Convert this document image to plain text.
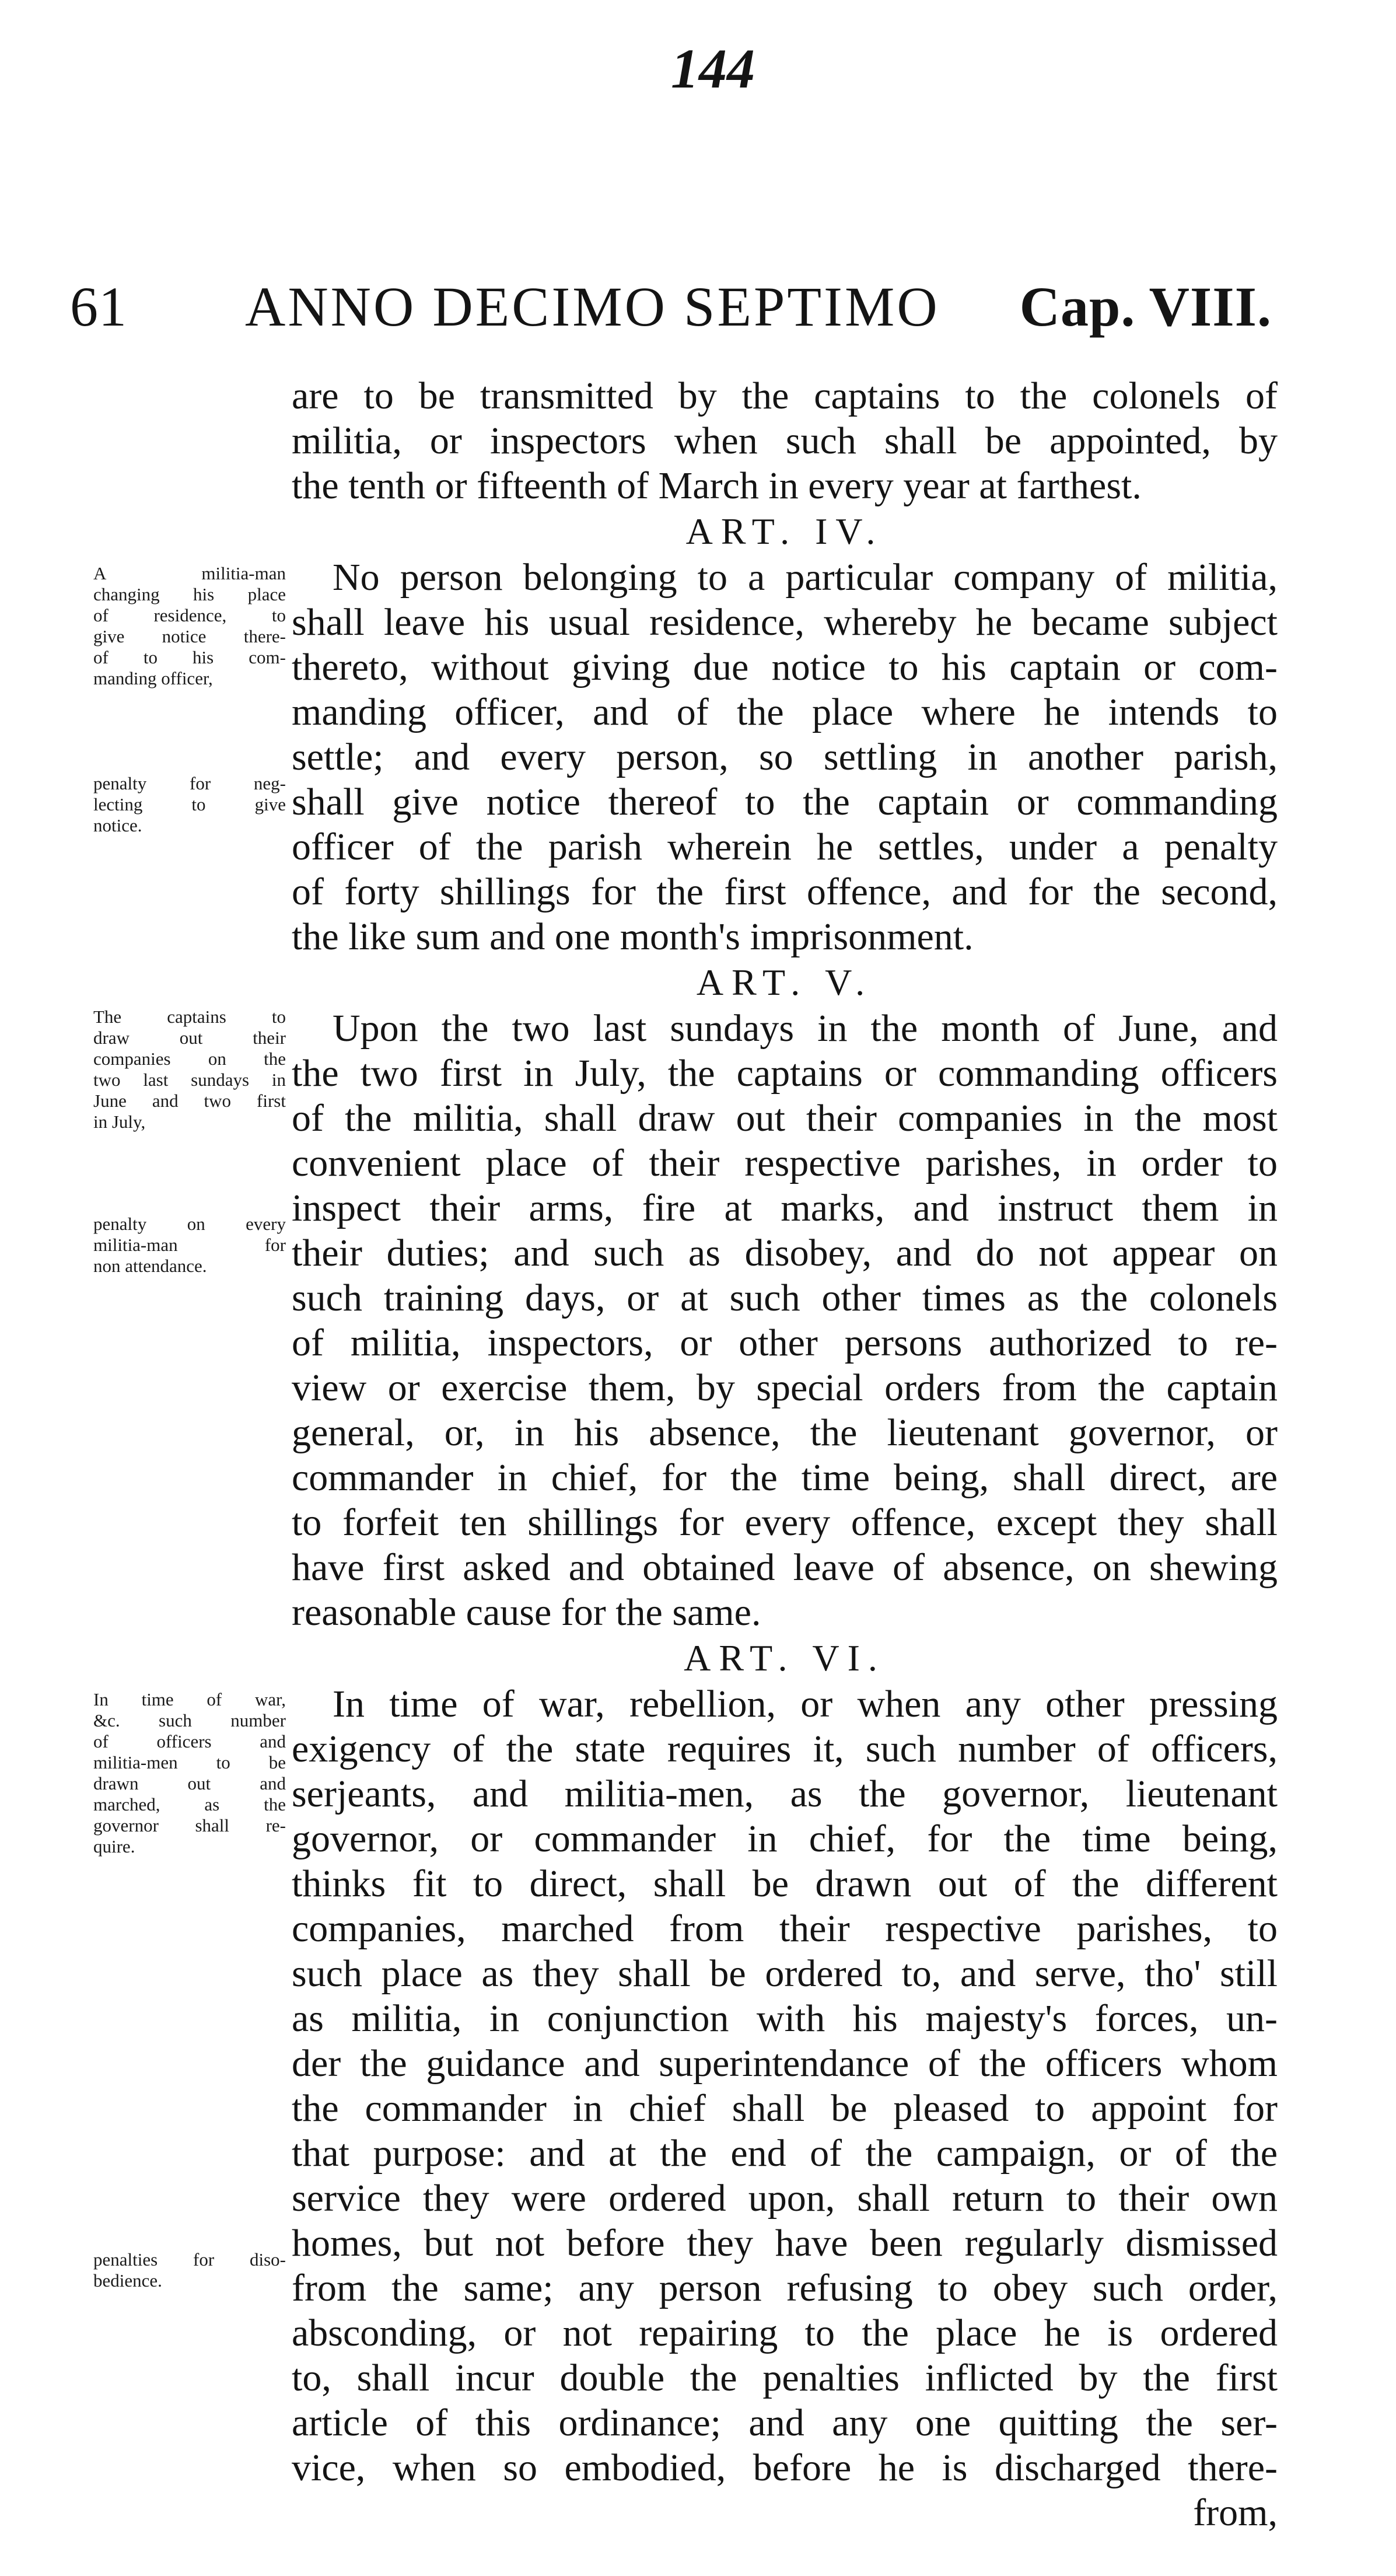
144
61 ANNO DECIMO SEPTIMO Cap. VIII.
are to be transmitted by the captains to the colonels of
militia, or inspectors when such shall be appointed, by
the tenth or fifteenth of March in every year at farthest.
ART. IV.
No person belonging to a particular company of militia,
shall leave his usual residence, whereby he became subject
thereto, without giving due notice to his captain or com-
manding officer, and of the place where he intends to
settle; and every person, so settling in another parish,
shall give notice thereof to the captain or commanding
officer of the parish wherein he settles, under a penalty
of forty shillings for the first offence, and for the second,
the like sum and one month's imprisonment.
ART. V.
Upon the two last sundays in the month of June, and
the two first in July, the captains or commanding officers
of the militia, shall draw out their companies in the most
convenient place of their respective parishes, in order to
inspect their arms, fire at marks, and instruct them in
their duties; and such as disobey, and do not appear on
such training days, or at such other times as the colonels
of militia, inspectors, or other persons authorized to re-
view or exercise them, by special orders from the captain
general, or, in his absence, the lieutenant governor, or
commander in chief, for the time being, shall direct, are
to forfeit ten shillings for every offence, except they shall
have first asked and obtained leave of absence, on shewing
reasonable cause for the same.
ART. VI.
In time of war, rebellion, or when any other pressing
exigency of the state requires it, such number of officers,
serjeants, and militia-men, as the governor, lieutenant
governor, or commander in chief, for the time being,
thinks fit to direct, shall be drawn out of the different
companies, marched from their respective parishes, to
such place as they shall be ordered to, and serve, tho' still
as militia, in conjunction with his majesty's forces, un-
der the guidance and superintendance of the officers whom
the commander in chief shall be pleased to appoint for
that purpose: and at the end of the campaign, or of the
service they were ordered upon, shall return to their own
homes, but not before they have been regularly dismissed
from the same; any person refusing to obey such order,
absconding, or not repairing to the place he is ordered
to, shall incur double the penalties inflicted by the first
article of this ordinance; and any one quitting the ser-
vice, when so embodied, before he is discharged there-
from,
A militia-man
changing his place
of residence, to
give notice there-
of to his com-
manding officer,
penalty for neg-
lecting to give
notice.
The captains to
draw out their
companies on the
two last sundays in
June and two first
in July,
penalty on every
militia-man for
non attendance.
In time of war,
&c. such number
of officers and
militia-men to be
drawn out and
marched, as the
governor shall re-
quire.
penalties for diso-
bedience.
